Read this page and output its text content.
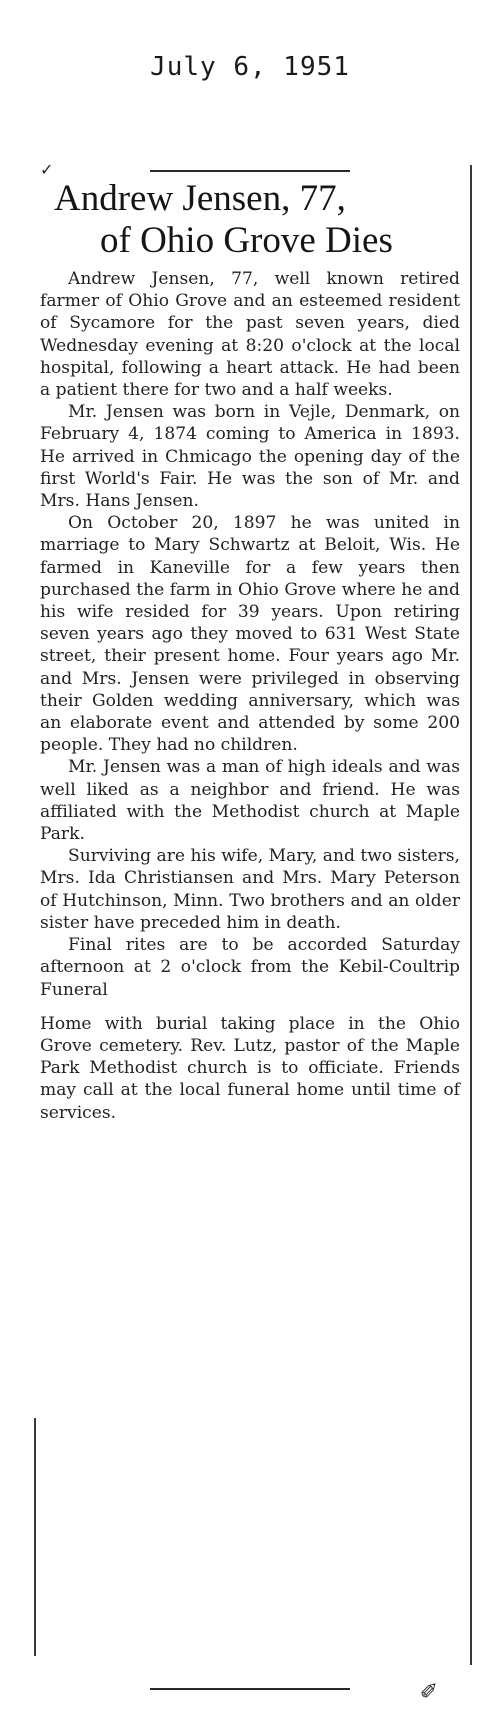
July 6, 1951
✓
Andrew Jensen, 77,
of Ohio Grove Dies

Andrew Jensen, 77, well known retired farmer of Ohio Grove and an esteemed resident of Sycamore for the past seven years, died Wednesday evening at 8:20 o'clock at the local hospital, following a heart attack. He had been a patient there for two and a half weeks.

Mr. Jensen was born in Vejle, Denmark, on February 4, 1874 coming to America in 1893. He arrived in Chmicago the opening day of the first World's Fair. He was the son of Mr. and Mrs. Hans Jensen.

On October 20, 1897 he was united in marriage to Mary Schwartz at Beloit, Wis. He farmed in Kaneville for a few years then purchased the farm in Ohio Grove where he and his wife resided for 39 years. Upon retiring seven years ago they moved to 631 West State street, their present home. Four years ago Mr. and Mrs. Jensen were privileged in observing their Golden wedding anniversary, which was an elaborate event and attended by some 200 people. They had no children.

Mr. Jensen was a man of high ideals and was well liked as a neighbor and friend. He was affiliated with the Methodist church at Maple Park.

Surviving are his wife, Mary, and two sisters, Mrs. Ida Christiansen and Mrs. Mary Peterson of Hutchinson, Minn. Two brothers and an older sister have preceded him in death.

Final rites are to be accorded Saturday afternoon at 2 o'clock from the Kebil-Coultrip Funeral

Home with burial taking place in the Ohio Grove cemetery. Rev. Lutz, pastor of the Maple Park Methodist church is to officiate. Friends may call at the local funeral home until time of services.

✐
